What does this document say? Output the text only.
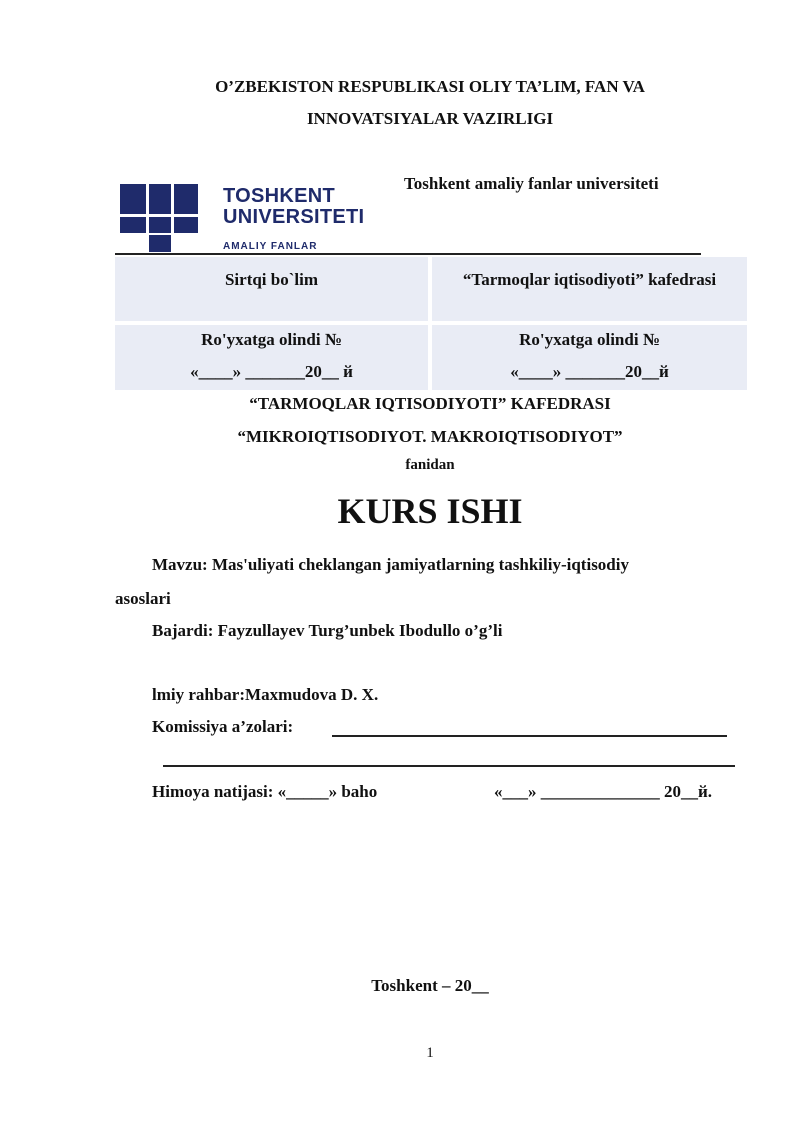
O’ZBEKISTON RESPUBLIKASI OLIY TA’LIM, FAN VA
INNOVATSIYALAR VAZIRLIGI
Toshkent amaliy fanlar universiteti
TOSHKENT
UNIVERSITETI
AMALIY FANLAR
Sirtqi bo`lim	“Tarmoqlar iqtisodiyoti” kafedrasi
Ro'yxatga olindi №
«____» _______20__ й
Ro'yxatga olindi №
«____» _______20__й
“TARMOQLAR IQTISODIYOTI” KAFEDRASI
“MIKROIQTISODIYOT. MAKROIQTISODIYOT”
fanidan
KURS ISHI
Mavzu: Mas'uliyati cheklangan jamiyatlarning tashkiliy-iqtisodiy
asoslari
Bajardi: Fayzullayev Turg’unbek Ibodullo o’g’li
lmiy rahbar:Maxmudova D. X.
Komissiya a’zolari:
Himoya natijasi: «_____» baho	«___» ______________ 20__й.
Toshkent – 20__
1
